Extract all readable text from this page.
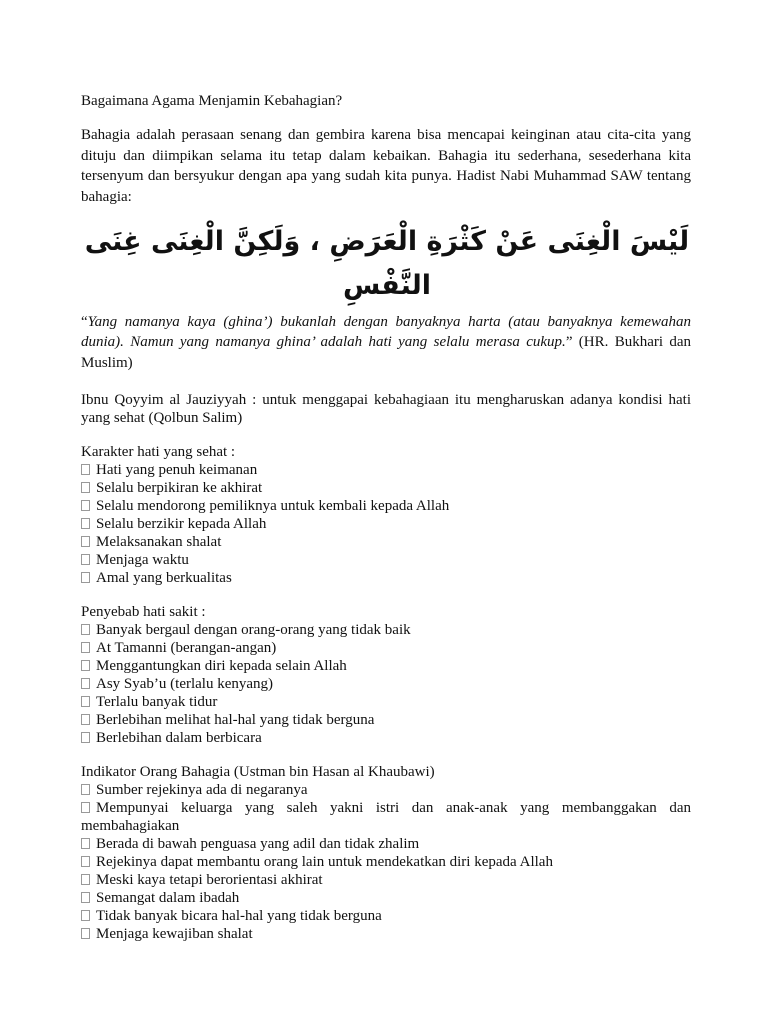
Bagaimana Agama Menjamin Kebahagian?
Bahagia adalah perasaan senang dan gembira karena bisa mencapai keinginan atau cita-cita yang dituju dan diimpikan selama itu tetap dalam kebaikan. Bahagia itu sederhana, sesederhana kita tersenyum dan bersyukur dengan apa yang sudah kita punya. Hadist Nabi Muhammad SAW tentang bahagia:
لَيْسَ الْغِنَى عَنْ كَثْرَةِ الْعَرَضِ ، وَلَكِنَّ الْغِنَى غِنَى النَّفْسِ
“Yang namanya kaya (ghina’) bukanlah dengan banyaknya harta (atau banyaknya kemewahan dunia). Namun yang namanya ghina’ adalah hati yang selalu merasa cukup.” (HR. Bukhari dan Muslim)
Ibnu Qoyyim al Jauziyyah : untuk menggapai kebahagiaan itu mengharuskan adanya kondisi hati yang sehat (Qolbun Salim)
Karakter hati yang sehat :
Hati yang penuh keimanan
Selalu berpikiran ke akhirat
Selalu mendorong pemiliknya untuk kembali kepada Allah
Selalu berzikir kepada Allah
Melaksanakan shalat
Menjaga waktu
Amal yang berkualitas
Penyebab hati sakit :
Banyak bergaul dengan orang-orang yang tidak baik
At Tamanni (berangan-angan)
Menggantungkan diri kepada selain Allah
Asy Syab’u (terlalu kenyang)
Terlalu banyak tidur
Berlebihan melihat hal-hal yang tidak berguna
Berlebihan dalam berbicara
Indikator Orang Bahagia (Ustman bin Hasan al Khaubawi)
Sumber rejekinya ada di negaranya
Mempunyai keluarga yang saleh yakni istri dan anak-anak yang membanggakan dan membahagiakan
Berada di bawah penguasa yang adil dan tidak zhalim
Rejekinya dapat membantu orang lain untuk mendekatkan diri kepada Allah
Meski kaya tetapi berorientasi akhirat
Semangat dalam ibadah
Tidak banyak bicara hal-hal yang tidak berguna
Menjaga kewajiban shalat
